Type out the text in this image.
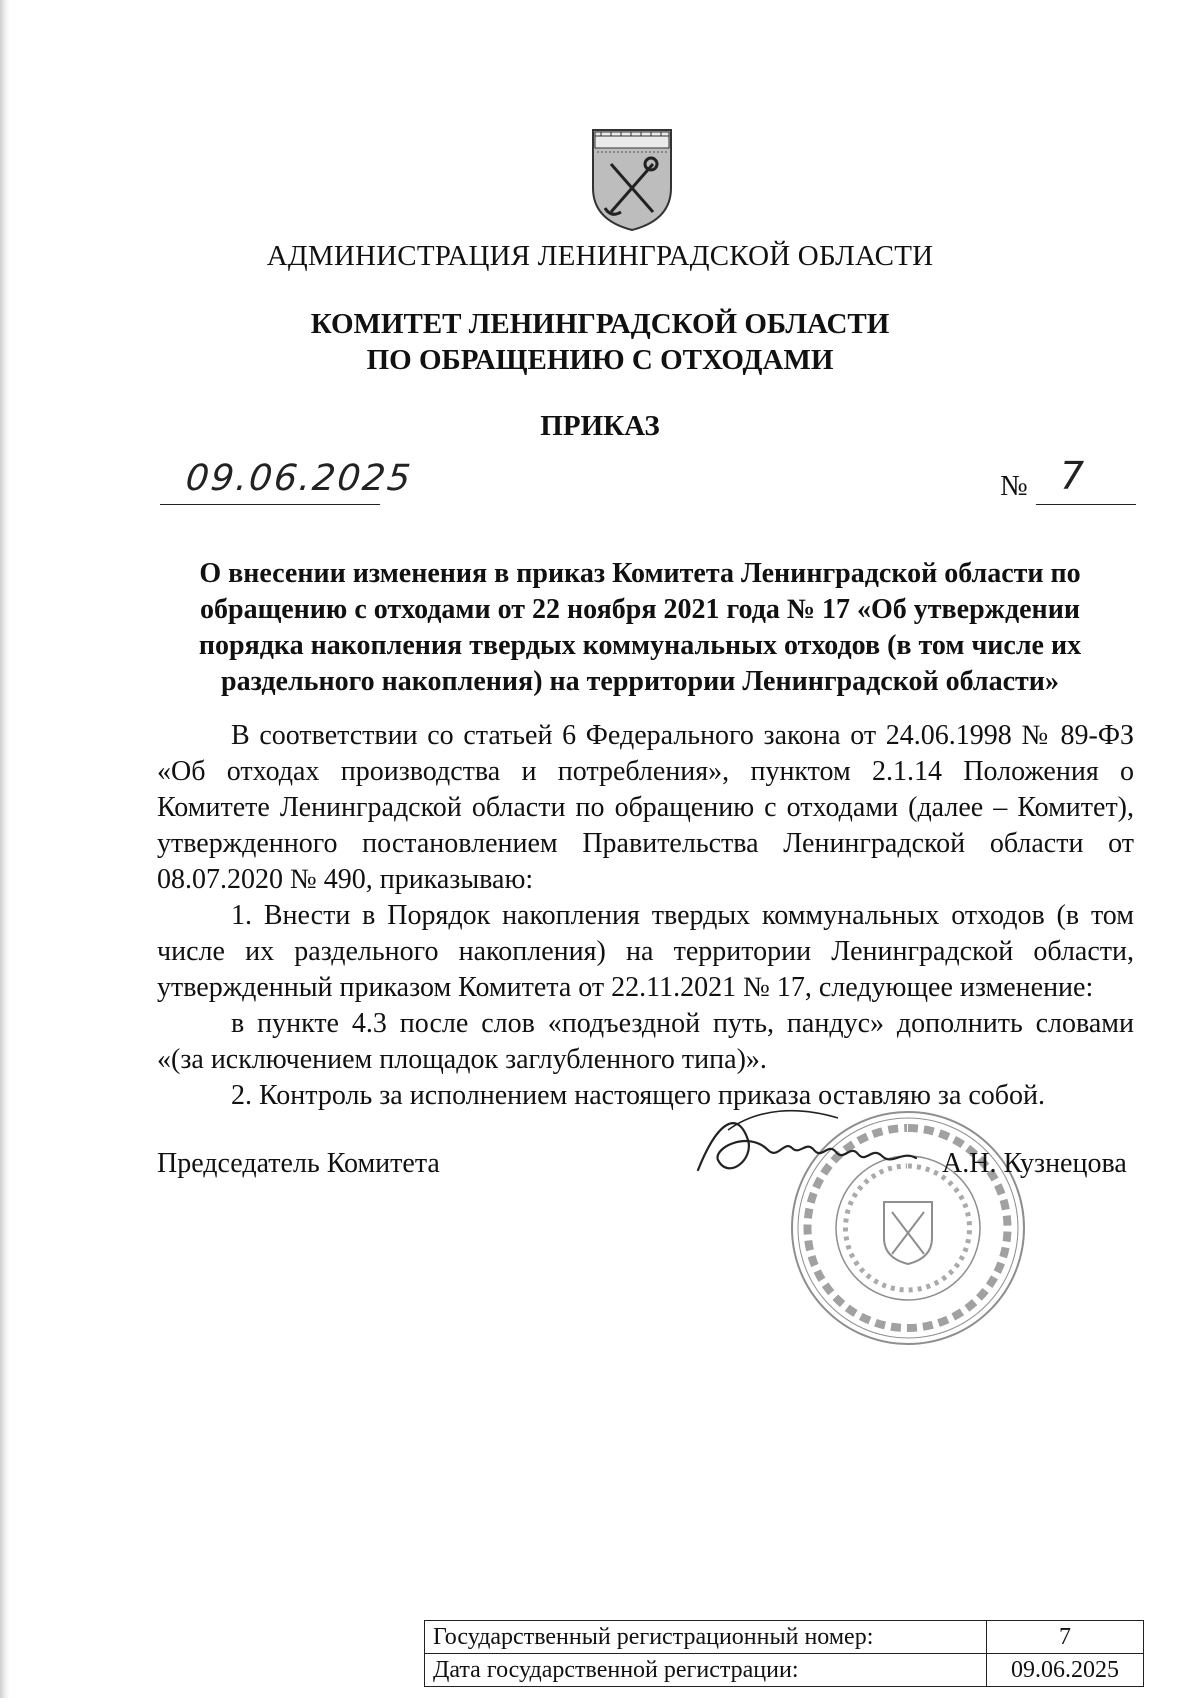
АДМИНИСТРАЦИЯ ЛЕНИНГРАДСКОЙ ОБЛАСТИ
КОМИТЕТ ЛЕНИНГРАДСКОЙ ОБЛАСТИ
ПО ОБРАЩЕНИЮ С ОТХОДАМИ
ПРИКАЗ
09.06.2025	№ 7
О внесении изменения в приказ Комитета Ленинградской области по обращению с отходами от 22 ноября 2021 года № 17 «Об утверждении порядка накопления твердых коммунальных отходов (в том числе их раздельного накопления) на территории Ленинградской области»

В соответствии со статьей 6 Федерального закона от 24.06.1998 № 89-ФЗ «Об отходах производства и потребления», пунктом 2.1.14 Положения о Комитете Ленинградской области по обращению с отходами (далее – Комитет), утвержденного постановлением Правительства Ленинградской области от 08.07.2020 № 490, приказываю:

1. Внести в Порядок накопления твердых коммунальных отходов (в том числе их раздельного накопления) на территории Ленинградской области, утвержденный приказом Комитета от 22.11.2021 № 17, следующее изменение:

в пункте 4.3 после слов «подъездной путь, пандус» дополнить словами «(за исключением площадок заглубленного типа)».

2. Контроль за исполнением настоящего приказа оставляю за собой.

Председатель Комитета	А.Н. Кузнецова
Государственный регистрационный номер:	7
Дата государственной регистрации:	09.06.2025
